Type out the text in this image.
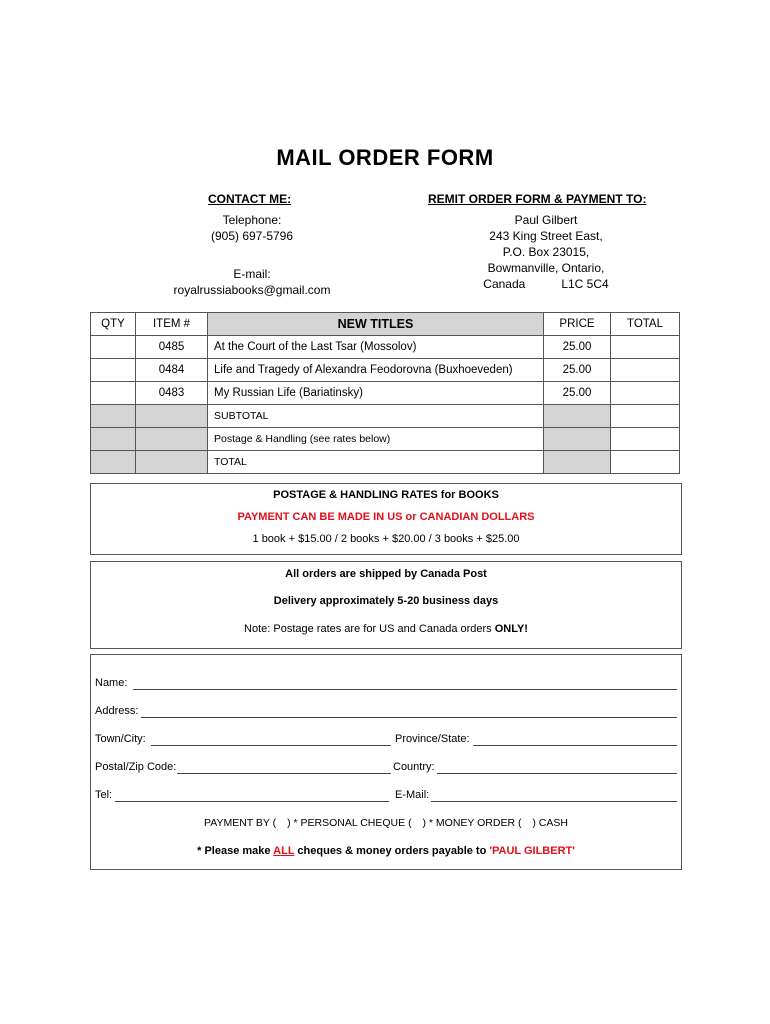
MAIL ORDER FORM
CONTACT ME:
Telephone:
(905) 697-5796
E-mail:
royalrussiabooks@gmail.com
REMIT ORDER FORM & PAYMENT TO:
Paul Gilbert
243 King Street East,
P.O. Box 23015,
Bowmanville, Ontario,
Canada	L1C 5C4
QTY	ITEM #	NEW TITLES	PRICE	TOTAL
	0485	At the Court of the Last Tsar (Mossolov)	25.00	
	0484	Life and Tragedy of Alexandra Feodorovna (Buxhoeveden)	25.00	
	0483	My Russian Life (Bariatinsky)	25.00	
		SUBTOTAL		
		Postage & Handling (see rates below)		
		TOTAL		
POSTAGE & HANDLING RATES for BOOKS
PAYMENT CAN BE MADE IN US or CANADIAN DOLLARS
1 book + $15.00 / 2 books + $20.00 / 3 books + $25.00
All orders are shipped by Canada Post
Delivery approximately 5-20 business days
Note: Postage rates are for US and Canada orders ONLY!
Name:
Address:
Town/City:	Province/State:
Postal/Zip Code:	Country:
Tel:	E-Mail:
PAYMENT BY ( ) * PERSONAL CHEQUE ( ) * MONEY ORDER ( ) CASH
* Please make ALL cheques & money orders payable to 'PAUL GILBERT'
